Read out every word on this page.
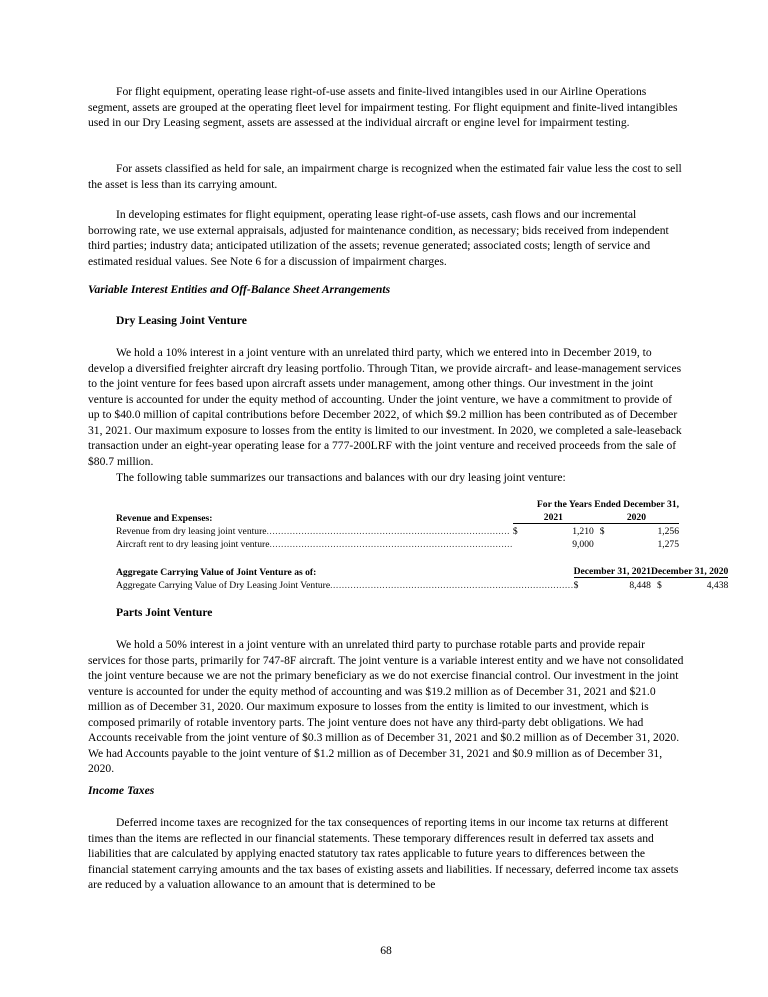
For flight equipment, operating lease right-of-use assets and finite-lived intangibles used in our Airline Operations segment, assets are grouped at the operating fleet level for impairment testing. For flight equipment and finite-lived intangibles used in our Dry Leasing segment, assets are assessed at the individual aircraft or engine level for impairment testing.

For assets classified as held for sale, an impairment charge is recognized when the estimated fair value less the cost to sell the asset is less than its carrying amount.

In developing estimates for flight equipment, operating lease right-of-use assets, cash flows and our incremental borrowing rate, we use external appraisals, adjusted for maintenance condition, as necessary; bids received from independent third parties; industry data; anticipated utilization of the assets; revenue generated; associated costs; length of service and estimated residual values. See Note 6 for a discussion of impairment charges.

Variable Interest Entities and Off-Balance Sheet Arrangements
Dry Leasing Joint Venture

We hold a 10% interest in a joint venture with an unrelated third party, which we entered into in December 2019, to develop a diversified freighter aircraft dry leasing portfolio. Through Titan, we provide aircraft- and lease-management services to the joint venture for fees based upon aircraft assets under management, among other things. Our investment in the joint venture is accounted for under the equity method of accounting. Under the joint venture, we have a commitment to provide of up to $40.0 million of capital contributions before December 2022, of which $9.2 million has been contributed as of December 31, 2021. Our maximum exposure to losses from the entity is limited to our investment. In 2020, we completed a sale-leaseback transaction under an eight-year operating lease for a 777-200LRF with the joint venture and received proceeds from the sale of $80.7 million.

The following table summarizes our transactions and balances with our dry leasing joint venture:

	For the Years Ended December 31,			
Revenue and Expenses:	2021		2020	
Revenue from dry leasing joint venture....................................................................................	$	1,210	$	1,256
Aircraft rent to dry leasing joint venture....................................................................................		9,000		1,275
Aggregate Carrying Value of Joint Venture as of:	December 31, 2021		December 31, 2020	
Aggregate Carrying Value of Dry Leasing Joint Venture....................................................................................	$	8,448	$	4,438
Parts Joint Venture

We hold a 50% interest in a joint venture with an unrelated third party to purchase rotable parts and provide repair services for those parts, primarily for 747-8F aircraft. The joint venture is a variable interest entity and we have not consolidated the joint venture because we are not the primary beneficiary as we do not exercise financial control. Our investment in the joint venture is accounted for under the equity method of accounting and was $19.2 million as of December 31, 2021 and $21.0 million as of December 31, 2020. Our maximum exposure to losses from the entity is limited to our investment, which is composed primarily of rotable inventory parts. The joint venture does not have any third-party debt obligations. We had Accounts receivable from the joint venture of $0.3 million as of December 31, 2021 and $0.2 million as of December 31, 2020. We had Accounts payable to the joint venture of $1.2 million as of December 31, 2021 and $0.9 million as of December 31, 2020.

Income Taxes

Deferred income taxes are recognized for the tax consequences of reporting items in our income tax returns at different times than the items are reflected in our financial statements. These temporary differences result in deferred tax assets and liabilities that are calculated by applying enacted statutory tax rates applicable to future years to differences between the financial statement carrying amounts and the tax bases of existing assets and liabilities. If necessary, deferred income tax assets are reduced by a valuation allowance to an amount that is determined to be

68
